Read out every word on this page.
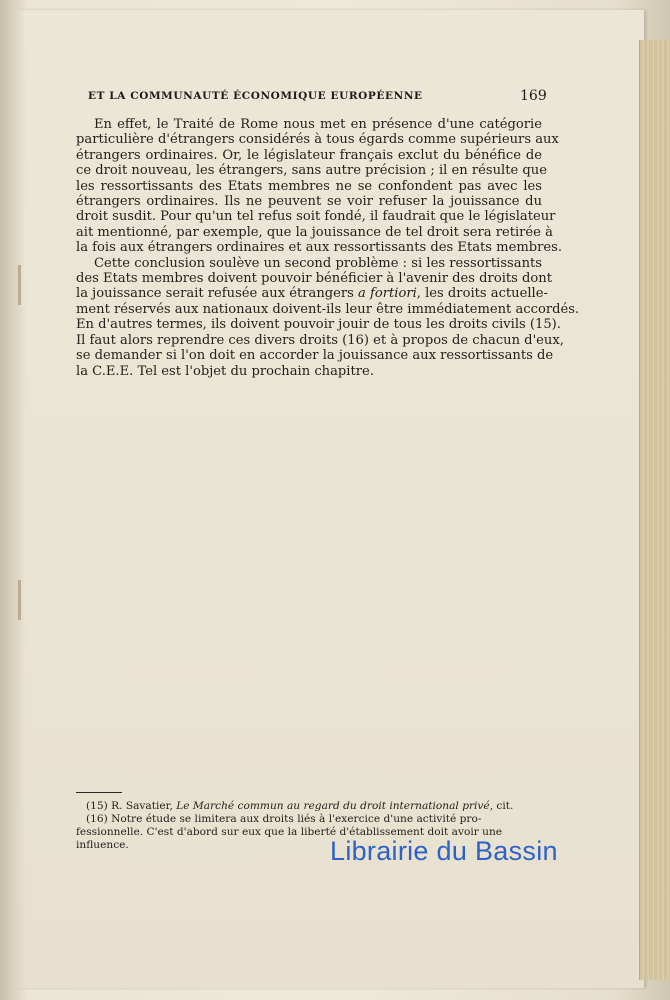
ET LA COMMUNAUTÉ ÉCONOMIQUE EUROPÉENNE	169
En effet, le Traité de Rome nous met en présence d'une catégorie
particulière d'étrangers considérés à tous égards comme supérieurs aux
étrangers ordinaires. Or, le législateur français exclut du bénéfice de
ce droit nouveau, les étrangers, sans autre précision ; il en résulte que
les ressortissants des Etats membres ne se confondent pas avec les
étrangers ordinaires. Ils ne peuvent se voir refuser la jouissance du
droit susdit. Pour qu'un tel refus soit fondé, il faudrait que le législateur
ait mentionné, par exemple, que la jouissance de tel droit sera retirée à
la fois aux étrangers ordinaires et aux ressortissants des Etats membres.
Cette conclusion soulève un second problème : si les ressortissants
des Etats membres doivent pouvoir bénéficier à l'avenir des droits dont
la jouissance serait refusée aux étrangers a fortiori, les droits actuelle-
ment réservés aux nationaux doivent-ils leur être immédiatement accordés.
En d'autres termes, ils doivent pouvoir jouir de tous les droits civils (15).
Il faut alors reprendre ces divers droits (16) et à propos de chacun d'eux,
se demander si l'on doit en accorder la jouissance aux ressortissants de
la C.E.E. Tel est l'objet du prochain chapitre.
(15) R. Savatier, Le Marché commun au regard du droit international privé, cit.
(16) Notre étude se limitera aux droits liés à l'exercice d'une activité pro-
fessionnelle. C'est d'abord sur eux que la liberté d'établissement doit avoir une
influence.	Librairie du Bassin
